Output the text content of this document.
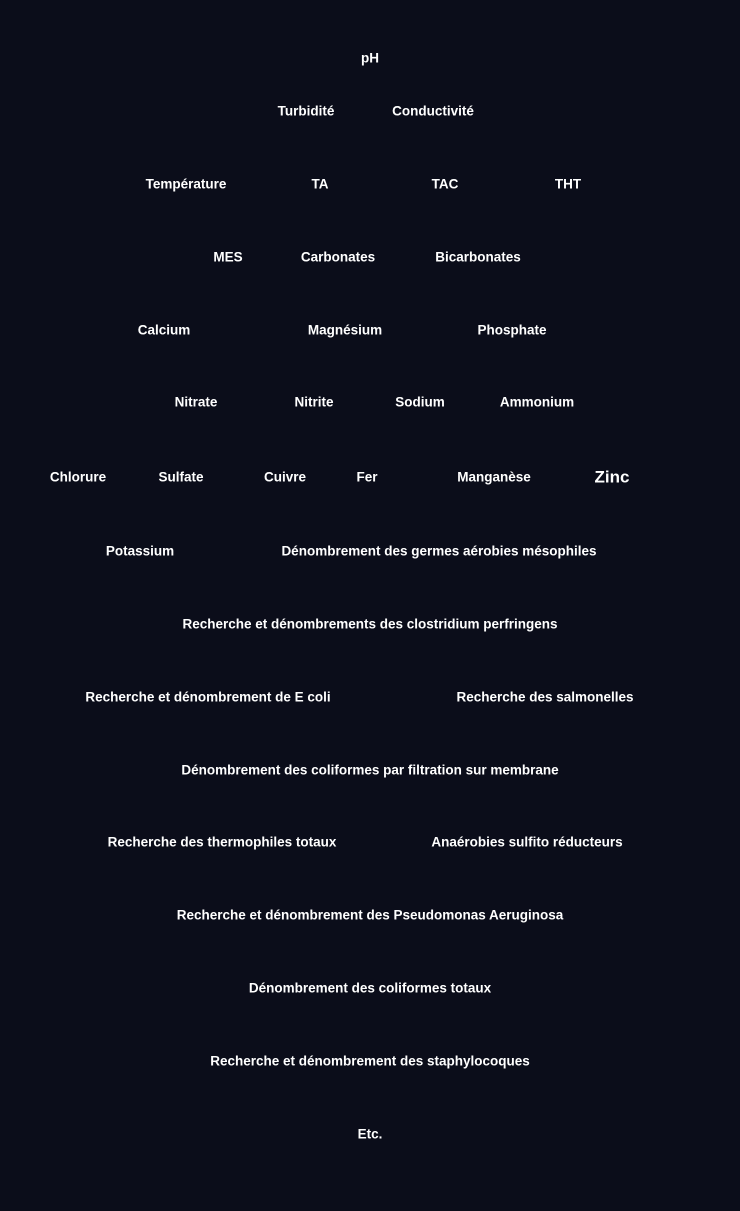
pH
Turbidité	Conductivité
Température	TA	TAC	THT
MES	Carbonates	Bicarbonates
Calcium	Magnésium	Phosphate
Nitrate	Nitrite	Sodium	Ammonium
Chlorure	Sulfate	Cuivre	Fer	Manganèse	Zinc
Potassium	Dénombrement des germes aérobies mésophiles
Recherche et dénombrements des clostridium perfringens
Recherche et dénombrement de E coli	Recherche des salmonelles
Dénombrement des coliformes par filtration sur membrane
Recherche des thermophiles totaux	Anaérobies sulfito réducteurs
Recherche et dénombrement des Pseudomonas Aeruginosa
Dénombrement des coliformes totaux
Recherche et dénombrement des staphylocoques
Etc.
